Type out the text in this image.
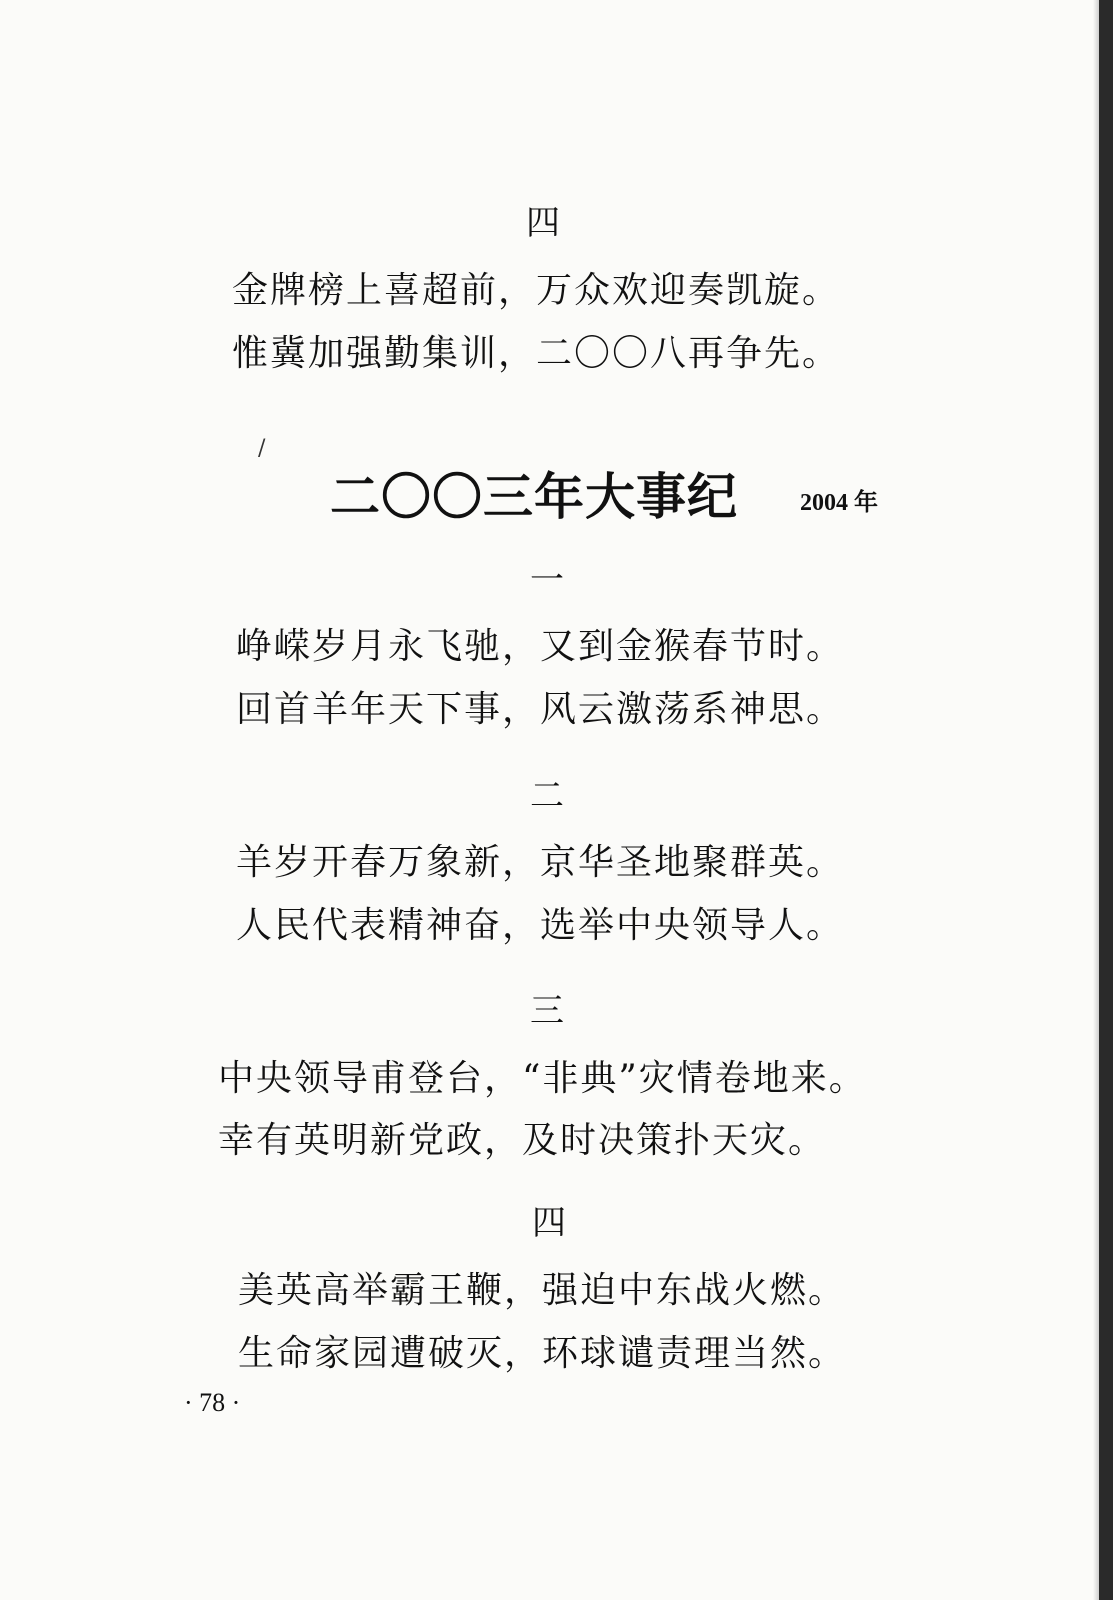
四
金牌榜上喜超前，万众欢迎奏凯旋。
惟冀加强勤集训，二〇〇八再争先。
/
二〇〇三年大事纪	2004 年
一
峥嵘岁月永飞驰，又到金猴春节时。
回首羊年天下事，风云激荡系神思。
二
羊岁开春万象新，京华圣地聚群英。
人民代表精神奋，选举中央领导人。
三
中央领导甫登台，“非典”灾情卷地来。
幸有英明新党政，及时决策扑天灾。
四
美英高举霸王鞭，强迫中东战火燃。
生命家园遭破灭，环球谴责理当然。
· 78 ·
